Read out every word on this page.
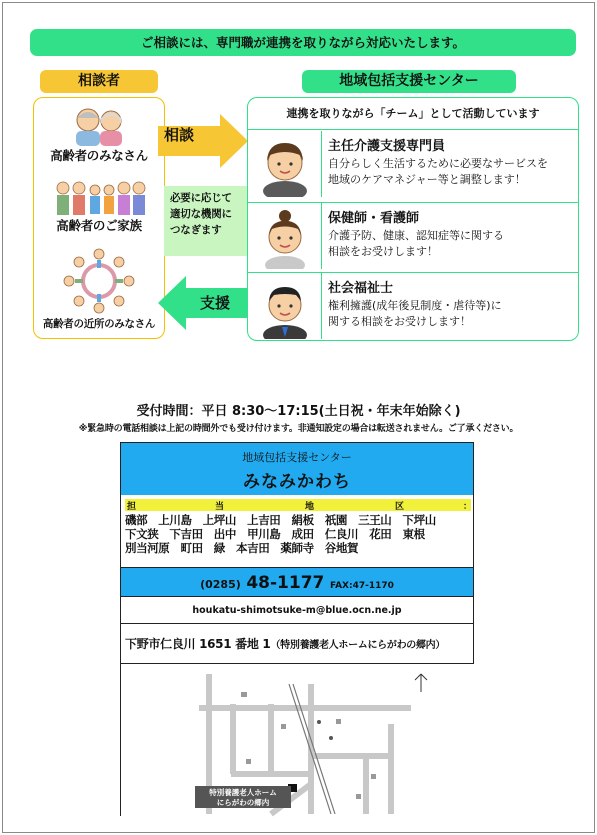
ご相談には、専門職が連携を取りながら対応いたします。
相談者	地域包括支援センター
高齢者のみなさん
高齢者のご家族
高齢者の近所のみなさん
相談
必要に応じて
適切な機関に
つなぎます
支援
連携を取りながら「チーム」として活動しています
主任介護支援専門員
自分らしく生活するために必要なサービスを
地域のケアマネジャー等と調整します！
保健師・看護師
介護予防、健康、認知症等に関する
相談をお受けします！
社会福祉士
権利擁護(成年後見制度・虐待等)に
関する相談をお受けします！
受付時間：平日 8:30～17:15(土日祝・年末年始除く)
※緊急時の電話相談は上記の時間外でも受け付けます。非通知設定の場合は転送されません。ご了承ください。
地域包括支援センター
みなみかわち
担	当	地	区	：
磯部　上川島　上坪山　上吉田　絹板　祇園　三王山　下坪山
下文狭　下吉田　出中　甲川島　成田　仁良川　花田　東根
別当河原　町田　緑　本吉田　薬師寺　谷地賀
(0285) 48-1177 FAX:47-1170
houkatu-shimotsuke-m@blue.ocn.ne.jp
下野市仁良川 1651 番地 1（特別養護老人ホームにらがわの郷内）
特別養護老人ホーム
にらがわの郷内
